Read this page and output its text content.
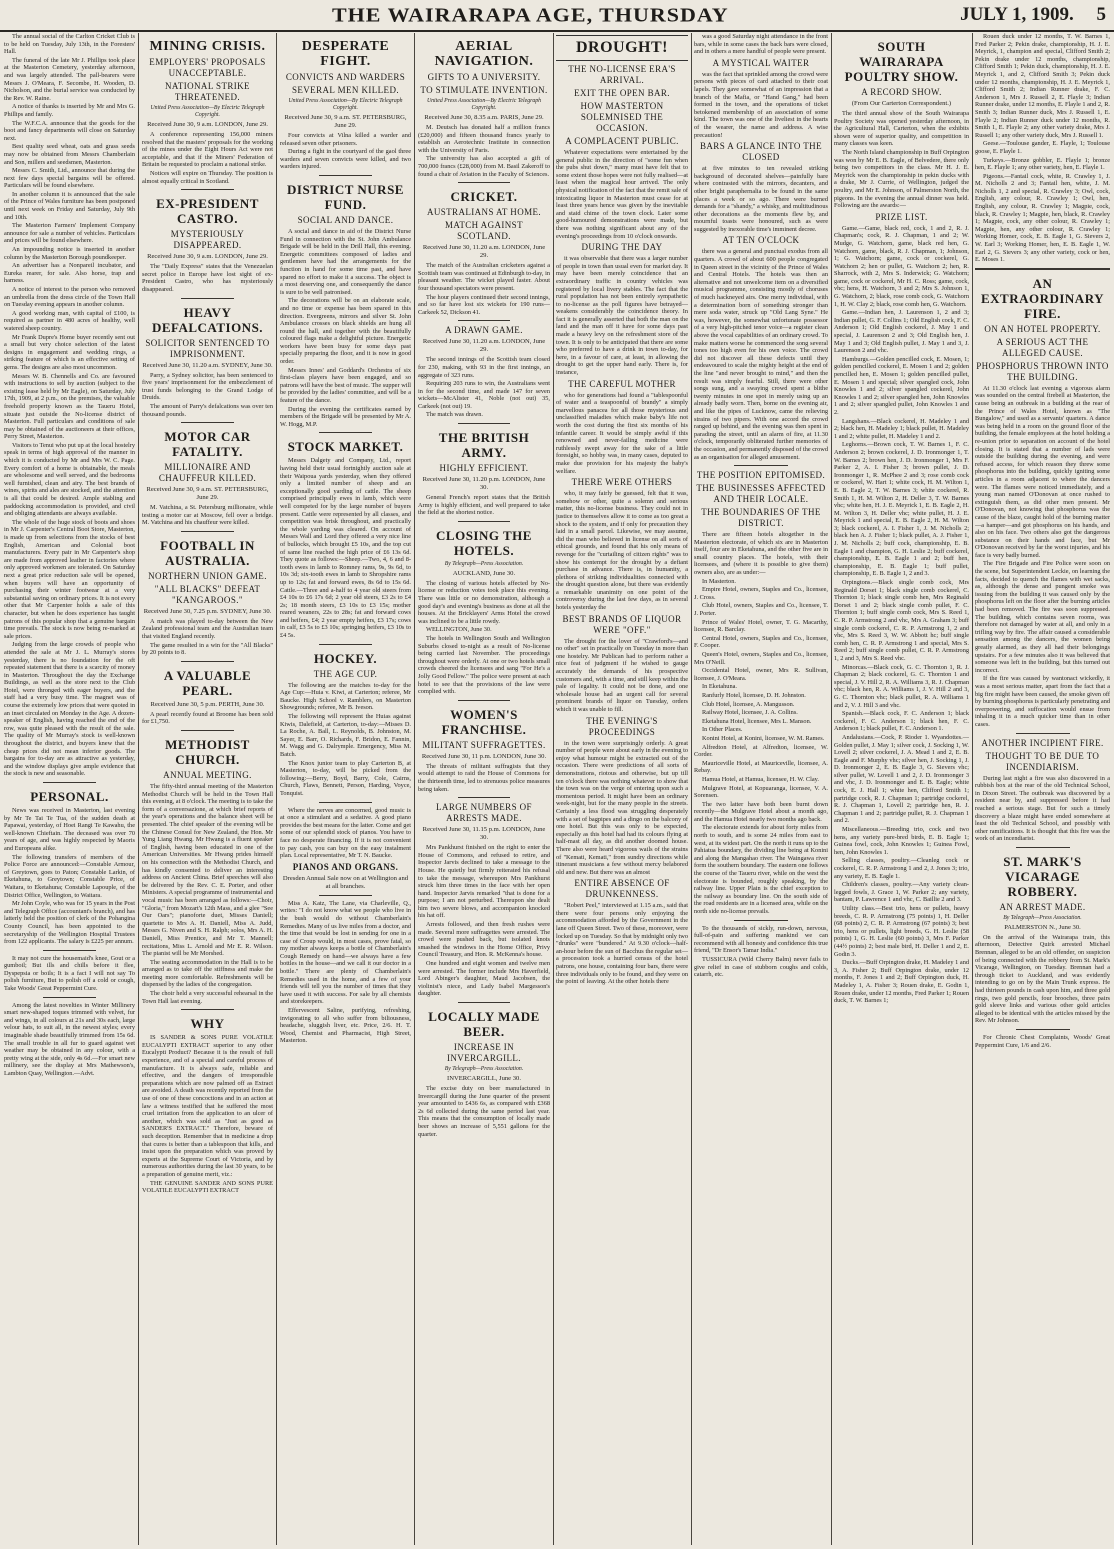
THE WAIRARAPA AGE, THURSDAY	JULY 1, 1909. 5

The annual social of the Carlton Cricket Club is to be held on Tuesday, July 13th, in the Foresters' Hall.

The funeral of the late Mr J. Phillips took place at the Masterton Cemetery, yesterday afternoon, and was largely attended. The pall-bearers were Messrs J. O'Meara, F. Secombe, H. Wooden, D. Nicholson, and the burial service was conducted by the Rev. W. Raine.

A notice of thanks is inserted by Mr and Mrs G. Phillips and family.

The W.F.C.A. announce that the goods for the boot and fancy departments will close on Saturday next.

Best quality seed wheat, oats and grass seeds may now be obtained from Messrs Chamberlain and Son, millers and seedsmen, Masterton.

Messrs C. Smith, Ltd., announce that during the next few days special bargains will be offered. Particulars will be found elsewhere.

In another column it is announced that the sale of the Prince of Wales furniture has been postponed until next week on Friday and Saturday, July 9th and 10th.

The Masterton Farmers' Implement Company announce for sale a number of vehicles. Particulars and prices will be found elsewhere.

An impounding notice is inserted in another column by the Masterton Borough poundkeeper.

An advertiser has a Nonpareil incubator, and Eureka rearer, for sale. Also horse, trap and harness.

A notice of interest to the person who removed an umbrella from the dress circle of the Town Hall on Tuesday evening appears in another column.

A good working man, with capital of £100, is required as partner in 480 acres of healthy, well watered sheep country.

Mr Frank Dupre's Home buyer recently sent out a small but very choice selection of the latest designs in engagement and wedding rings, a striking feature of which is an effective setting of gems. The designs are also most uncommon.

Messrs W. B. Chennells and Co. are favoured with instructions to sell by auction (subject to the existing lease held by Mr Eagle), on Saturday, July 17th, 1909, at 2 p.m., on the premises, the valuable freehold property known as the Taueru Hotel, situate just outside the No-license district of Masterton. Full particulars and conditions of sale may be obtained of the auctioneers at their offices, Perry Street, Masterton.

Visitors to Tenui who put up at the local hostelry speak in terms of high approval of the manner in which it is conducted by Mr and Mrs W. C. Page. Every comfort of a home is obtainable, the meals are wholesome and well served, and the bedrooms well furnished, clean and airy. The best brands of wines, spirits and ales are stocked, and the attention is all that could be desired. Ample stabling and paddocking accommodation is provided, and civil and obliging attendants are always available.

The whole of the huge stock of boots and shoes in Mr J. Carpenter's Central Boot Store, Masterton, is made up from selections from the stocks of best English, American and Colonial boot manufacturers. Every pair in Mr Carpenter's shop are made from approved leather in factories where only approved workmen are tolerated. On Saturday next a great price reduction sale will be opened, when buyers will have an opportunity of purchasing their winter footwear at a very substantial saving on ordinary prices. It is not every other that Mr Carpenter holds a sale of this character, but when he does experience has taught patrons of this popular shop that a genuine bargain time prevails. The stock is now being re-marked at sale prices.

Judging from the large crowds of people who attended the sale at Mr J. L. Murray's stores yesterday, there is no foundation for the oft repeated statement that there is a scarcity of money in Masterton. Throughout the day the Exchange Buildings, as well as the store next to the Club Hotel, were thronged with eager buyers, and the staff had a very busy time. The magnet was of course the extremely low prices that were quoted in an inset circulated on Monday in the Age. A dozen-speaker of English, having reached the end of the row, was quite pleased with the result of the sale. The quality of Mr Murray's stock is well-known throughout the district, and buyers knew that the cheap prices did not mean inferior goods. The bargains for to-day are as attractive as yesterday, and the window displays give ample evidence that the stock is new and seasonable.

PERSONAL.

News was received in Masterton, last evening by Mr Te Tai Te Tua, of the sudden death at Papawai, yesterday, of Hoei Rangi Te Kawahu, the well-known Chieftain. The deceased was over 70 years of age, and was highly respected by Maoris and Europeans alike.

The following transfers of members of the Police Force are announced:—Constable Armour, of Greytown, goes to Paton; Constable Larkin, of Eketahuna, to Greytown; Constable Price, of Waitara, to Eketahuna; Constable Lapouple, of the District Office, Wellington, to Waitara.

Mr John Coyle, who was for 15 years in the Post and Telegraph Office (accountant's branch), and has latterly held the position of clerk of the Pohangina County Council, has been appointed to the secretaryship of the Wellington Hospital Trustees from 122 applicants. The salary is £225 per annum.

It may not cure the housemaid's knee, Gout or a gumboil; But ills and chills before it flee, Dyspepsia or boils; It is a fact I will not say To polish furniture, But to polish off a cold or cough, Take Woods' Great Peppermint Cure.

Among the latest novelties in Winter Millinery smart new-shaped toques trimmed with velvet, fur and wings, in all colours at 21s and 30s each, large velour hats, to suit all, in the newest styles; every imaginable shade beautifully trimmed from 15s 6d. The small trouble in all fur to guard against wet weather may be obtained in any colour, with a pretty wing at the side, only 4s 6d.—For smart new millinery, see the display at Mrs Mathewson's, Lambton Quay, Wellington.—Advt.

MINING CRISIS.
EMPLOYERS' PROPOSALS UNACCEPTABLE.
NATIONAL STRIKE THREATENED.
United Press Association—By Electric Telegraph Copyright.
Received June 30, 9 a.m. LONDON, June 29.

A conference representing 156,000 miners resolved that the masters' proposals for the working of the mines under the Eight Hours Act were not acceptable, and that if the Miners' Federation of Britain be requested to proclaim a national strike.

Notices will expire on Thursday. The position is almost equally critical in Scotland.

EX-PRESIDENT CASTRO.
MYSTERIOUSLY DISAPPEARED.
Received June 30, 9 a.m. LONDON, June 29.

The "Daily Express" states that the Venezuelan secret police in Europe have lost sight of ex-President Castro, who has mysteriously disappeared.

HEAVY DEFALCATIONS.
SOLICITOR SENTENCED TO IMPRISONMENT.
Received June 30, 11.20 a.m. SYDNEY, June 30.

Parry, a Sydney solicitor, has been sentenced to five years' imprisonment for the embezzlement of trust funds belonging to the Grand Lodge of Druids.

The amount of Parry's defalcations was over ten thousand pounds.

MOTOR CAR FATALITY.
MILLIONAIRE AND CHAUFFEUR KILLED.
Received June 30, 9 a.m. ST. PETERSBURG, June 29.

M. Vatchina, a St. Petersburg millionaire, while testing a motor car at Moscow, fell over a bridge. M. Vatchina and his chauffeur were killed.

FOOTBALL IN AUSTRALIA.
NORTHERN UNION GAME.
"ALL BLACKS" DEFEAT "KANGAROOS."
Received June 30, 7.25 p.m. SYDNEY, June 30.

A match was played to-day between the New Zealand professional team and the Australian team that visited England recently.

The game resulted in a win for the "All Blacks" by 20 points to 8.

A VALUABLE PEARL.
Received June 30, 5 p.m. PERTH, June 30.

A pearl recently found at Broome has been sold for £1,750.

METHODIST CHURCH.
ANNUAL MEETING.

The fifty-third annual meeting of the Masterton Methodist Church will be held in the Town Hall this evening, at 8 o'clock. The meeting is to take the form of a conversazione, at which brief reports of the year's operations and the balance sheet will be presented. The chief speaker of the evening will be the Chinese Consul for New Zealand, the Hon. Mr Yung Liang Hwang. Mr Hwang is a fluent speaker of English, having been educated in one of the American Universities. Mr Hwang prides himself on his connection with the Methodist Church, and has kindly consented to deliver an interesting address on Ancient China. Brief speeches will also be delivered by the Rev. C. E. Porter, and other Ministers. A special programme of instrumental and vocal music has been arranged as follows:—Choir, "Gloria," from Mozart's 12th Mass, and a glee "See Our Oars"; pianoforte duet, Misses Daniell; quartette to Mrs A. H. Daniell, Miss A. Judd, Messrs G. Niven and S. H. Ralph; solos, Mrs A. H. Daniell, Miss Prentice, and Mr T. Mannell; recitations, Miss L. Arnold and Mr E. R. Wilson. The pianist will be Mr Morshed.

The seating accommodation in the Hall is to be arranged as to take off the stiffness and make the meeting more comfortable. Refreshments will be dispensed by the ladies of the congregation.

The choir held a very successful rehearsal in the Town Hall last evening.

WHY

IS SANDER & SONS PURE VOLATILE EUCALYPTI EXTRACT superior to any other Eucalypti Product? Because it is the result of full experience, and of a special and careful process of manufacture. It is always safe, reliable and effective, and the dangers of irresponsible preparations which are now palmed off as Extract are avoided. A death was recently reported from the use of one of these concoctions and in an action at law a witness testified that he suffered the most cruel irritation from the application to an ulcer of another, which was sold as "Just as good as SANDER'S EXTRACT." Therefore, beware of such deception. Remember that in medicine a drop that cures is better than a tablespoon that kills, and insist upon the preparation which was proved by experts at the Supreme Court of Victoria, and by numerous authorities during the last 30 years, to be a preparation of genuine merit, viz.:

THE GENUINE SANDER AND SONS PURE VOLATILE EUCALYPTI EXTRACT

DESPERATE FIGHT.
CONVICTS AND WARDERS
SEVERAL MEN KILLED.
United Press Association—By Electric Telegraph Copyright.
Received June 30, 9 a.m. ST. PETERSBURG, June 29.

Four convicts at Vilna killed a warder and released seven other prisoners.

During a fight in the courtyard of the gaol three warders and seven convicts were killed, and two warders injured.

DISTRICT NURSE FUND.
SOCIAL AND DANCE.

A social and dance in aid of the District Nurse Fund in connection with the St. John Ambulance Brigade will be held in the Drill Hall, this evening. Energetic committees composed of ladies and gentlemen have had the arrangements for the function in hand for some time past, and have spared no effort to make it a success. The object is a most deserving one, and consequently the dance is sure to be well patronised.

The decorations will be on an elaborate scale, and no time or expense has been spared in this direction. Evergreens, mirrors and silver St. John Ambulance crosses on black shields are hung all round the hall, and together with the beautifully coloured flags make a delightful picture. Energetic workers have been busy for some days past specially preparing the floor, and it is now in good order.

Messrs Innes' and Goddard's Orchestra of six first-class players have been engaged, and so patrons will have the best of music. The supper will be provided by the ladies' committee, and will be a feature of the dance.

During the evening the certificates earned by members of the Brigade will be presented by Mr A. W. Hogg, M.P.

STOCK MARKET.

Messrs Dalgety and Company, Ltd., report having held their usual fortnightly auction sale at their Waipoua yards yesterday, when they offered only a limited number of sheep and an exceptionally good yarding of cattle. The sheep comprised principally ewes in lamb, which were well competed for by the large number of buyers present. Cattle were represented by all classes, and competition was brisk throughout, and practically the whole yarding was cleared. On account of Messrs Wall and Lord they offered a very nice line of bullocks, which brought £5 10s, and the top cut of same line reached the high price of £6 13s 6d. They quote as follows:—Sheep.—Two, 4, 6 and 8-tooth ewes in lamb to Romney rams, 9s, 9s 6d, to 10s 3d; six-tooth ewes in lamb to Shropshire rams up to 12s; fat and forward ewes, 8s 6d to 15s 6d. Cattle.—Three and a-half to 4 year old steers from £4 10s to £6 17s 6d; 2 year old steers, £3 2s to £4 2s; 18 month steers, £3 10s to £3 15s; mother reared weaners, 22s to 28s; fat and forward cows and heifers, £4; 2 year empty heifers, £3 17s; cows in calf, £3 5s to £3 10s; springing heifers, £3 10s to £4 5s.

HOCKEY.
THE AGE CUP.

The following are the matches to-day for the Age Cup:—Huia v. Kiwi, at Carterton; referee, Mr Baucke. High School v. Ramblers, on Masterton Showgrounds; referee, Mr B. Iveson.

The following will represent the Huias against Kiwis, Dalefield, at Carterton, to-day:—Misses D. La Roche, A. Ball, L. Reynolds, B. Johnston, M. Sayer, E. Barr, O. Richards, F. Bridon, E. Fannin, M. Wagg and G. Dalrymple. Emergency, Miss M. Batch.

The Knox junior team to play Carterton B, at Masterton, to-day, will be picked from the following:—Berry, Boyd, Barry, Cole, Cairns, Church, Flaws, Bennett, Person, Harding, Voyce, Tonquist.

Where the nerves are concerned, good music is at once a stimulant and a sedative. A good piano provides the best means for the latter. Come and get some of our splendid stock of pianos. You have to face no desperate financing. If it is not convenient to pay cash, you can buy on the easy instalment plan. Local representative, Mr T. N. Baucke.

PIANOS AND ORGANS.
Dresden Annual Sale now on at Wellington and at all branches.

Miss A. Katz, The Lane, via Charleville, Q., writes: "I do not know what we people who live in the bush would do without Chamberlain's Remedies. Many of us live miles from a doctor, and the time that would be lost in sending for one in a case of Croup would, in most cases, prove fatal, so my mother always keeps a bottle of Chamberlain's Cough Remedy on hand—we always have a few bottles in the house—and we call it our doctor in a bottle." There are plenty of Chamberlain's Remedies used in the home, and a few of your friends will tell you the number of times that they have used it with success. For sale by all chemists and storekeepers.

Effervescent Saline, purifying, refreshing, invigorating to all who suffer from biliousness, headache, sluggish liver, etc. Price, 2/6. H. T. Wood, Chemist and Pharmacist, High Street, Masterton.

AERIAL NAVIGATION.
GIFTS TO A UNIVERSITY.
TO STIMULATE INVENTION.
United Press Association—By Electric Telegraph Copyright.
Received June 30, 8.35 a.m. PARIS, June 29.

M. Deutsch has donated half a million francs (£20,000) and fifteen thousand francs yearly to establish an Aerotechnic Institute in connection with the University of Paris.

The university has also accepted a gift of 700,000 francs (£28,000) from M. Basil Zakeroff to found a chair of Aviation in the Faculty of Sciences.

CRICKET.
AUSTRALIANS AT HOME.
MATCH AGAINST SCOTLAND.
Received June 30, 11.20 a.m. LONDON, June 29.

The match of the Australian cricketers against a Scottish team was continued at Edinburgh to-day, in pleasant weather. The wicket played faster. About four thousand spectators were present.

The hour players continued their second innings, and so far have lost six wickets for 190 runs—Carkeek 52, Dickson 41.

A DRAWN GAME.
Received June 30, 11.20 a.m. LONDON, June 29.

The second innings of the Scottish team closed for 230, making, with 93 in the first innings, an aggregate of 323 runs.

Requiring 203 runs to win, the Australians went in for the second time, and made 147 for seven wickets—McAlister 41, Noble (not out) 35, Carkeek (not out) 19.

The match was drawn.

THE BRITISH ARMY.
HIGHLY EFFICIENT.
Received June 30, 11.20 p.m. LONDON, June 30.

General French's report states that the British Army is highly efficient, and well prepared to take the field at the shortest notice.

CLOSING THE HOTELS.
By Telegraph—Press Association.
AUCKLAND, June 30.

The closing of various hotels affected by No-license or reduction votes took place this evening. There was little or no demonstration, although a good day's and evening's business as done at all the houses. At the Bricklayers' Arms Hotel the crowd was inclined to be a little rowdy.

WELLINGTON, June 30.

The hotels in Wellington South and Wellington Suburbs closed to-night as a result of No-license being carried last November. The proceedings throughout were orderly. At one or two hotels small crowds cheered the licensees and sang "For He's a Jolly Good Fellow." The police were present at each hotel to see that the provisions of the law were complied with.

WOMEN'S FRANCHISE.
MILITANT SUFFRAGETTES.
Received June 30, 11 p.m. LONDON, June 30.

The threats of militant suffragists that they would attempt to raid the House of Commons for the thirteenth time, led to strenuous police measures being taken.

LARGE NUMBERS OF ARRESTS MADE.
Received June 30, 11.15 p.m. LONDON, June 30.

Mrs Pankhurst finished on the right to enter the House of Commons, and refused to retire, and Inspector Jarvis declined to take a message to the House. He quietly but firmly reiterated his refusal to take the message, whereupon Mrs Pankhurst struck him three times in the face with her open hand. Inspector Jarvis remarked "that is done for a purpose; I am not perturbed. Thereupon she dealt him two severe blows, and accompanion knocked his hat off.

Arrests followed, and then fresh rushes were made. Several more suffragettes were arrested. The crowd were pushed back, but isolated knots smashed the windows in the Home Office, Privy Council Treasury, and Hon. R. McKenna's house.

One hundred and eight women and twelve men were arrested. The former include Mrs Haverfield, Lord Abinger's daughter, Maud Jacobsen, the violinist's niece, and Lady Isabel Margesson's daughter.

LOCALLY MADE BEER.
INCREASE IN INVERCARGILL.
By Telegraph—Press Association.
INVERCARGILL, June 30.

The excise duty on beer manufactured in Invercargill during the June quarter of the present year amounted to £436 6s, as compared with £368 2s 6d collected during the same period last year. This means that the consumption of locally made beer shows an increase of 5,551 gallons for the quarter.

DROUGHT!
THE NO-LICENSE ERA'S ARRIVAL.
EXIT THE OPEN BAR.
HOW MASTERTON SOLEMNISED THE OCCASION.
A COMPLACENT PUBLIC.

Whatever expectations were entertained by the general public in the direction of "some fun when the pubs shut down," many must have felt that to some extent those hopes were not fully realised—at least when the magical hour arrived. The only physical notification of the fact that the remit sale of intoxicating liquor in Masterton must cease for at least three years hence was given by the inevitable and staid chime of the town clock. Later some good-humoured demonstrations were made, but there was nothing significant about any of the evening's proceedings from 10 o'clock onwards.

DURING THE DAY

it was observable that there was a larger number of people in town than usual even for market day. It may have been merely coincidence that an extraordinary traffic in country vehicles was registered by local livery stables. The fact that the rural population has not been entirely sympathetic to no-license as the poll figures have betrayed—weakens considerably the coincidence theory. In fact it is generally asserted that both the man on the land and the man off it have for some days past made a heavy levy on the refreshment store of the town. It is only to be anticipated that there are some who preferred to have a drink in town to-day, for here, in a favour of care, at least, in allowing the drought to get the upper hand early. There is, for instance,

THE CAREFUL MOTHER

who for generations had found a "tablespoonful of water and a teaspoonful of brandy" a simply marvellous panacea for all those mysterious and unclassified maladies which make baby's life not worth the cost during the first six months of his infantile career. It would be simply awful if this renowned and never-failing medicine were ruthlessly swept away for the sake of a little foresight, so hobby was, in many cases, deputed to make due provision for his majesty the baby's welfare.

THERE WERE OTHERS

who, it may fairly be guessed, felt that it was, somehow or other, quite a solemn and serious matter, this no-license business. They could not in justice to themselves allow it to come as too great a shock to the system, and if only for precaution they laid in a small parcel. Likewise, we may assume, did the man who believed in license on all sorts of ethical grounds, and found that his only means of revenge for the "curtailing of citizen rights" was to show his contempt for the drought by a defiant purchase in advance. There is, in humanity, a plethora of striking individualities connected with the drought question alone, but there was evidently a remarkable unanimity on one point of the controversy during the last few days, as in several hotels yesterday the

BEST BRANDS OF LIQUOR WERE "OFF."

The drought for the lover of "Crawford's—and no other" set in practically on Tuesday in more than one hostelry. Mr Publican had to perform rather a nice feat of judgment if he wished to gauge accurately the demands of his prospective customers and, with a time, and still keep within the pale of legality. It could not be done, and one wholesale house had an urgent call for several prominent brands of liquor on Tuesday, orders which it was unable to fill.

THE EVENING'S PROCEEDINGS

in the town were surprisingly orderly. A great number of people were about early in the evening to enjoy what humour might be extracted out of the occasion. There were predictions of all sorts of demonstrations, riotous and otherwise, but up till ten o'clock there was nothing whatever to show that the town was on the verge of entering upon such a momentous period. It might have been an ordinary week-night, but for the many people in the streets. Certainly a less flood was struggling desperately with a set of bagpipes and a dingo on the balcony of one hotel. But this was only to be expected, especially as this hotel had had its colours flying at half-mast all day, as did another doomed house. There also were heard vigorous wails of the strains of "Kemati, Kemati," from sundry directions while itinerant musicians a few without mercy belabored old and new. But there was an almost

ENTIRE ABSENCE OF DRUNKENNESS.

"Robert Peel," interviewed at 1.15 a.m., said that there were four persons only enjoying the accommodation afforded by the Government in the lane off Queen Street. Two of these, moreover, were locked up on Tuesday. So that by midnight only two "drunks" were "bundered." At 9.30 o'clock—half-an-hour before the sun of Bacchus the regular set—a procession took a hurried census of the hotel patrons, one house, containing four bars, there were three individuals only to be found, and they were on the point of leaving. At the other hotels there

was a good Saturday night attendance in the front bars, while in some cases the back bars were closed, and in others a mere handful of people were present.

A MYSTICAL WAITER

was the fact that sprinkled among the crowd were persons with pieces of card attached to their coat lapels. They gave somewhat of an impression that a branch of the Mafia, or "Hand Gang," had been formed in the town, and the operations of ticket betokened membership of an association of some kind. The town was one of the liveliest in the hearts of the wearer, the name and address. A wise precaution!

BARS A GLANCE INTO THE CLOSED

at five minutes to ten revealed striking background of decorated shelves—painfully bare where contrasted with the mirrors, decanters, and other bright paraphernalia to be found in the same places a week or so ago. There were burned demands for a "shandy," a whisky, and multitudinous other decorations as the moments flew by, and mournful toasts were honoured, such as were suggested by inexorable time's imminent decree.

AT TEN O'CLOCK

there was a general and punctual exodus from all quarters. A crowd of about 600 people congregated in Queen street in the vicinity of the Prince of Wales and Central Hotels. The hotels was then an alternative and not unwelcome item on a diversified musical programme, consisting mostly of choruses of much hackneyed airs. One merry individual, with a determination born of something stronger than mere soda water, struck up "Old Lang Syne." He was, however, the somewhat unfortunate possessor of a very high-pitched tenor voice—a register clean above the vocal capabilities of an ordinary crowd. To make matters worse he commenced the song several tones too high even for his own voice. The crowd did not discover all these defects until they endeavoured to scale the mighty height at the end of the line "and never brought to mind," and then the result was simply fearful. Still, there were other songs sung, and a swaying crowd spent a blithe twenty minutes in one spot in merely using up an already badly worn. Then, borne on the evening air, and like the pipes of Lucknow, came the relieving strains of two pipers. With one accord the crowd ranged up behind, and the evening was then spent in parading the street, until an alarm of fire, at 11.30 o'clock, temporarily obliterated further memories of the occasion, and permanently disposed of the crowd as an organisation for alleged amusement.

THE POSITION EPITOMISED.
THE BUSINESSES AFFECTED AND THEIR LOCALE.
THE BOUNDARIES OF THE DISTRICT.

There are fifteen hotels altogether in the Masterton electorate, of which six are in Masterton itself, four are in Eketahuna, and the other five are in small country places. The hotels, with their licensees, and (where it is possible to give them) owners also, are as under:—

In Masterton.

Empire Hotel, owners, Staples and Co., licensee, J. Cross.

Club Hotel, owners, Staples and Co., licensee, T. J. Porter.

Prince of Wales' Hotel, owner, T. G. Macarthy, licensee, R. Barclay.

Central Hotel, owners, Staples and Co., licensee, F. Cooper.

Queen's Hotel, owners, Staples and Co., licensee, Mrs O'Neill.

Occidental Hotel, owner, Mrs R. Sullivan, licensee, J. O'Meara.

In Eketahuna.

Ranfurly Hotel, licensee, D. H. Johnston.

Club Hotel, licensee, A. Mangusson.

Railway Hotel, licensee, J. A. Collins.

Eketahuna Hotel, licensee, Mrs L. Manson.

In Other Places.

Konini Hotel, at Konini, licensee, W. M. Rames.

Alfredton Hotel, at Alfredton, licensee, W. Corder.

Mauriceville Hotel, at Mauriceville, licensee, A. Rebay.

Hamua Hotel, at Hamua, licensee, H. W. Clay.

Mulgrave Hotel, at Kopuaranga, licensee, V. A. Sorensen.

The two latter have both been burnt down recently—the Mulgrave Hotel about a month ago, and the Hamua Hotel nearly two months ago back.

The electorate extends for about forty miles from north to south, and is some 24 miles from east to west, at its widest part. On the north it runs up to the Pahiatua boundary, the dividing line being at Konini and along the Mangahao river. The Waingawa river form the southern boundary. The eastern one follows the course of the Taueru river, while on the west the electorate is bounded, roughly speaking, by the railway line. Upper Plain is the chief exception to the railway as boundary line. On the south side of the road residents are in a licensed area, while on the north side no-license prevails.

To the thousands of sickly, run-down, nervous, full-of-pain and suffering mankind we can recommend with all honesty and confidence this true friend, "Dr Ensor's Tamar India."

TUSSICURA (Wild Cherry Balm) never fails to give relief in case of stubborn coughs and colds, catarrh, etc.

SOUTH WAIRARAPA POULTRY SHOW.
A RECORD SHOW.
(From Our Carterton Correspondent.)

The third annual show of the South Wairarapa Poultry Society was opened yesterday afternoon, in the Agricultural Hall, Carterton, when the exhibits shown were of superior quality, and competition in many classes was keen.

The North Island championship in Buff Orpington was won by Mr E. B. Eagle, of Belvedere, there only being two competitors in the class. Mr H. J. E. Meyrick won the championship in pekin ducks with a drake, Mr J. Currie, of Wellington, judged the poultry, and Mr E. Johnson, of Palmerston North, the pigeons. In the evening the annual dinner was held. Following are the awards:—

PRIZE LIST.

Game.—Game, black red, cock, 1 and 2, R. J. Chapman's; cock, R. J. Chapman, 1 and 2; W. Mudge, G. Watchorn, game, black red hen, G. Watchorn, game, black, R. J. Chapman, 1; Johnson, 1; G. Watchorn; game, cock or cockerel, G. Watchorn 2; hen or pullet, G. Watchorn 2; hen, R. Sharrock, with 2, Mrs S. Inderwick; G. Watchorn; game, cock or cockerel, Mr H. C. Ross; game, cock, vhc; hens, H. Watchorn, 3 and 2; Mrs S. Johnson 1, G. Watchorn, 2; black, rose comb cock, G. Watchorn 1, H. W. Clay 2; black, rose comb hen, G. Watchorn.

Game.—Indian hen, J. Laurenson 1, 2 and 3; Indian pullet, G. F. Collins 1; Old English cock, F. C. Anderson 1; Old English cockerel, J. May 1 and special, J. Laurenson 2 and 3; Old English hen, J. May 1 and 3; Old English pullet, J. May 1 and 3, J. Laurenson 2 and vhc.

Hamburgs.—Golden pencilled cock, E. Mosen, 1; golden pencilled cockerel, E. Mosen 1 and 2; golden pencilled hen, E. Mosen 1; golden pencilled pullet, E. Mosen 1 and special; silver spangled cock, John Knowles 1 and 2; silver spangled cockerel, John Knowles 1 and 2; silver spangled hen, John Knowles 1 and 2; silver spangled pullet, John Knowles 1 and 2.

Langshans.—Black cockerel, H. Madeley 1 and 2; black hen, H. Madeley 1; black pullet, H. Madeley 1 and 2; white pullet, H. Madeley 1 and 2.

Leghorns.—Brown cock, T. W. Barnes 1, F. C. Anderson 2; brown cockerel, J. D. Ironmonger 1, T. W. Barnes 2; brown hen, J. D. Ironmonger 1, Mrs F. Parker 2, A. I. Fisher 3; brown pullet, J. D. Ironmonger 1, R. McPhee 2 and 3; rose comb cock or cockerel, W. Hart 1; white cock, H. M. Wilton 1, E. B. Eagle 2, T. W. Barnes 3; white cockerel, R. Smith 1, H. M. Wilton 2, H. Deller 3, T. W. Barnes vhc; white hen, H. J. E. Meyrick 1, E. B. Eagle 2, H. M. Wilton 3, H. Deller vhc; white pullet, H. J. E. Meyrick 1 and special, E. B. Eagle 2, H. M. Wilton 3; black cockerel, A. I. Fisher 1, J. M. Nicholls 2; black hen A. J. Fisher 1; black pullet, A. J. Fisher 1, J. M. Nicholls 2; buff cock, championship, E. B. Eagle 1 and champion, G. H. Leslie 2; buff cockerel, championship, E. B. Eagle 1 and 2; buff hen, championship, E. B. Eagle 1; buff pullet, championship, E. B. Eagle 1, 2 and 3.

Orpingtons.—Black single comb cock, Mrs Reginald Dorset 1; black single comb cockerel, C. Thornton 1; black single comb hen, Mrs Reginald Dorset 1 and 2; black single comb pullet, F. C. Thornton 1; buff single comb cock, Mrs S. Reed 1, C. R. P. Armstrong 2 and vhc, Mrs A. Graham 3; buff single comb cockerel, C. R. P. Armstrong 1, 2 and vhc, Mrs S. Reed 3, W. W. Abbott hc; buff single comb hen, C. R. P. Armstrong 1 and special, Mrs S. Reed 2; buff single comb pullet, C. R. P. Armstrong 1, 2 and 3, Mrs S. Reed vhc.

Minorcas.—Black cock, G. C. Thornton 1, R. J. Chapman 2; black cockerel, G. C. Thornton 1 and special, J. V. Hill 2, R. A. Williams 3, R. J. Chapman vhc; black hen, R. A. Williams 1, J. V. Hill 2 and 3, G. C. Thornton vhc; black pullet, R. A. Williams 1 and 2, V. J. Hill 3 and vhc.

Spanish.—Black cock, F. C. Anderson 1; black cockerel, F. C. Anderson 1; black hen, F. C. Anderson 1; black pullet, F. C. Anderson 1.

Andalusians.—Cock, P. Rioder 1. Wyandottes.—Golden pullet, J. May 1; silver cock, J. Socking 1, W. Lovell 2; silver cockerel, J. A. Mead 1 and 2, E. B. Eagle and F. Murphy vhc; silver hen, J. Socking 1, J. D. Ironmonger 2, E. B. Eagle 3, G. Sievers vhc; silver pullet, W. Lovell 1 and 2, J. D. Ironmonger 3 and vhc, J. D. Ironmonger and E. B. Eagle; white cock, E. J. Hall 1; white hen, Clifford Smith 1; partridge cock, R. J. Chapman 1; partridge cockerel, R. J. Chapman 1, Lovell 2; partridge hen, R. J. Chapman 1 and 2; partridge pullet, R. J. Chapman 1 and 2.

Miscellaneous.—Breeding trio, cock and two hens, any variety pure-bred birds, E. B. Eagle 1; Guinea fowl, cock, John Knowles 1; Guinea Fowl, hen, John Knowles 1.

Selling classes, poultry.—Cleanleg cock or cockerel, C. R. P. Armstrong 1 and 2, J. Jones 3; trio, any variety, E. B. Eagle 1.

Children's classes, poultry.—Any variety clean-legged fowls, J. Grace 1, W. Parker 2; any variety, bantam, P. Lawrence 1 and vhc, C. Baillie 2 and 3.

Utility class.—Best trio, hens or pullets, heavy breeds, C. R. P. Armstrong (75 points) 1, H. Deller (68 points) 2, C. R. P. Armstrong (67 points) 3; best trio, hens or pullets, light breeds, G. H. Leslie (58 points) 1, G. H. Leslie (60 points) 3, Mrs F. Parker (44½ points) 2; best male bird, H. Deller 1 and 2, E. Godin 3.

Ducks.—Buff Orpington drake, H. Madeley 1 and 3, A. Fisher 2; Buff Orpington drake, under 12 months, F. Jones 1 and 2; Buff Orpington duck, H. Madeley 1, A. Fisher 3; Rouen drake, E. Godin 1, Rouen drake, under 12 months, Fred Parker 1; Rouen duck, T. W. Barnes 1;

Rouen duck under 12 months, T. W. Barnes 1, Fred Parker 2; Pekin drake, championship, H. J. E. Meyrick, 1, champion and special, Clifford Smith 2; Pekin drake under 12 months, championship, Clifford Smith 1; Pekin duck, championship, H. J. E. Meyrick 1, and 2, Clifford Smith 3; Pekin duck under 12 months, championship, H. J. E. Meyrick 1, Clifford Smith 2; Indian Runner drake, F. C. Anderson 1, Mrs J. Russell 2, E. Flayle 3; Indian Runner drake, under 12 months, E. Flayle 1 and 2, R. Smith 3; Indian Runner duck, Mrs J. Russell 1, E. Flayle 2; Indian Runner duck under 12 months, R. Smith 1, E. Flayle 2; any other variety drake, Mrs J. Russell 1; any other variety duck, Mrs J. Russell 1.

Geese.—Toulouse gander, E. Flayle, 1; Toulouse goose, E. Flayle 1.

Turkeys.—Bronze gobbler, E. Flayle 1; bronze hen, E. Flayle 1; any other variety, hen, E. Flayle 1.

Pigeons.—Fantail cock, white, R. Crawley 1, J. M. Nicholls 2 and 3; Fantail hen, white, J. M. Nicholls 1, 2 and special, R. Crawley 3; Owl, cock, English, any colour, R. Crawley 1; Owl, hen, English, any colour, R. Crawley 1; Magpie, cock, black, R. Crawley 1; Magpie, hen, black, R. Crawley 1; Magpie, cock, any other colour, R. Crawley 1; Magpie, hen, any other colour, R. Crawley 1; Working Homer, cock, E. B. Eagle 1, G. Sievers 2, W. Earl 3; Working Homer, hen, E. B. Eagle 1, W. Earl 2, G. Sievers 3; any other variety, cock or hen, E. Moses 1.

AN EXTRAORDINARY FIRE.
ON AN HOTEL PROPERTY.
A SERIOUS ACT THE ALLEGED CAUSE.
PHOSPHORUS THROWN INTO THE BUILDING.

At 11.30 o'clock last evening a vigorous alarm was sounded on the central firebell at Masterton, the cause being an outbreak in a building at the rear of the Prince of Wales Hotel, known as "The Bungalow," and used as a servants' quarters. A dance was being held in a room on the ground floor of the building, the female employees at the hotel holding a re-union prior to separation on account of the hotel closing. It is stated that a number of lads were outside the building during the evening, and were refused access, for which reason they threw some phosphorus into the building, quickly igniting some articles in a room adjacent to where the dancers were. The flames were noticed immediately, and a young man named O'Donovan at once rushed to extinguish them, as did other men present. Mr O'Donovan, not knowing that phosphorus was the cause of the blaze, caught hold of the burning matter—a hamper—and got phosphorus on his hands, and also on his face. Two others also got the dangerous substance on their hands and face, but Mr O'Donovan received by far the worst injuries, and his face is very badly burned.

The Fire Brigade and Fire Police were soon on the scene, but Superintendent Leckie, on learning the facts, decided to quench the flames with wet sacks, as, although the dense and pungent smoke was issuing from the building it was caused only by the phosphorus left on the floor after the burning articles had been removed. The fire was soon suppressed. The building, which contains seven rooms, was therefore not damaged by water at all, and only in a trifling way by fire. The affair caused a considerable sensation among the dancers, the women being greatly alarmed, as they all had their belongings upstairs. For a few minutes also it was believed that someone was left in the building, but this turned out incorrect.

If the fire was caused by wantonact wickedly, it was a most serious matter, apart from the fact that a big fire might have been caused, the smoke given off by burning phosphorus is particularly penetrating and overpowering, and suffocation would ensue from inhaling it in a much quicker time than in other cases.

ANOTHER INCIPIENT FIRE.
THOUGHT TO BE DUE TO INCENDIARISM.

During last night a fire was also discovered in a rubbish box at the rear of the old Technical School, in Dixon Street. The outbreak was discovered by a resident near by, and suppressed before it had reached a serious stage. But for such a timely discovery a blaze might have ended somewhere at least the old Technical School, and possibly with other ramifications. It is thought that this fire was the work of an incendiarist.

ST. MARK'S VICARAGE ROBBERY.
AN ARREST MADE.
By Telegraph—Press Association.
PALMERSTON N., June 30.

On the arrival of the Wairarapa train, this afternoon, Detective Quirk arrested Michael Brennan, alleged to be an old offender, on suspicion of being connected with the robbery from St. Mark's Vicarage, Wellington, on Tuesday. Brennan had a through ticket to Auckland, and was evidently intending to go on by the Main Trunk express. He had thirteen pounds in cash upon him, and three gold rings, two gold pencils, four brooches, three pairs gold sleeve links and various other gold articles alleged to be identical with the articles missed by the Rev. Mr Johnson.

For Chronic Chest Complaints, Woods' Great Peppermint Cure, 1/6 and 2/6.
